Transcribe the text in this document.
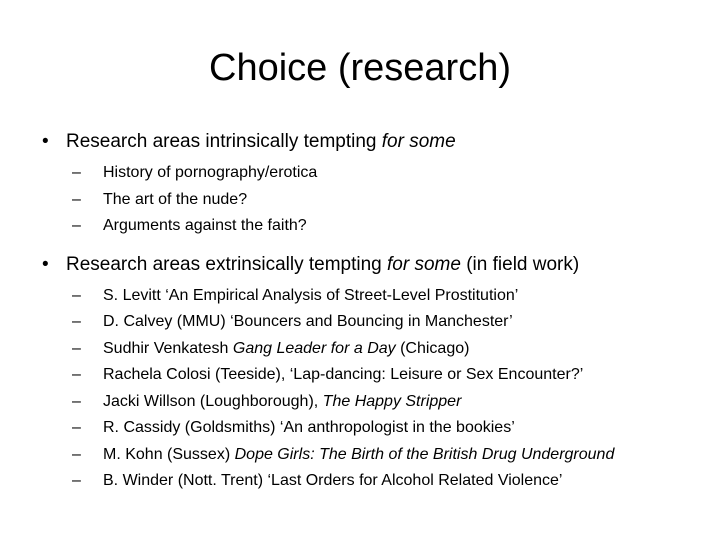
Choice (research)
• Research areas intrinsically tempting for some
– History of pornography/erotica
– The art of the nude?
– Arguments against the faith?
• Research areas extrinsically tempting for some (in field work)
– S. Levitt ‘An Empirical Analysis of Street-Level Prostitution’
– D. Calvey (MMU) ‘Bouncers and Bouncing in Manchester’
– Sudhir Venkatesh Gang Leader for a Day (Chicago)
– Rachela Colosi (Teeside), ‘Lap-dancing: Leisure or Sex Encounter?’
– Jacki Willson (Loughborough), The Happy Stripper
– R. Cassidy (Goldsmiths) ‘An anthropologist in the bookies’
– M. Kohn (Sussex) Dope Girls: The Birth of the British Drug Underground
– B. Winder (Nott. Trent) ‘Last Orders for Alcohol Related Violence’
